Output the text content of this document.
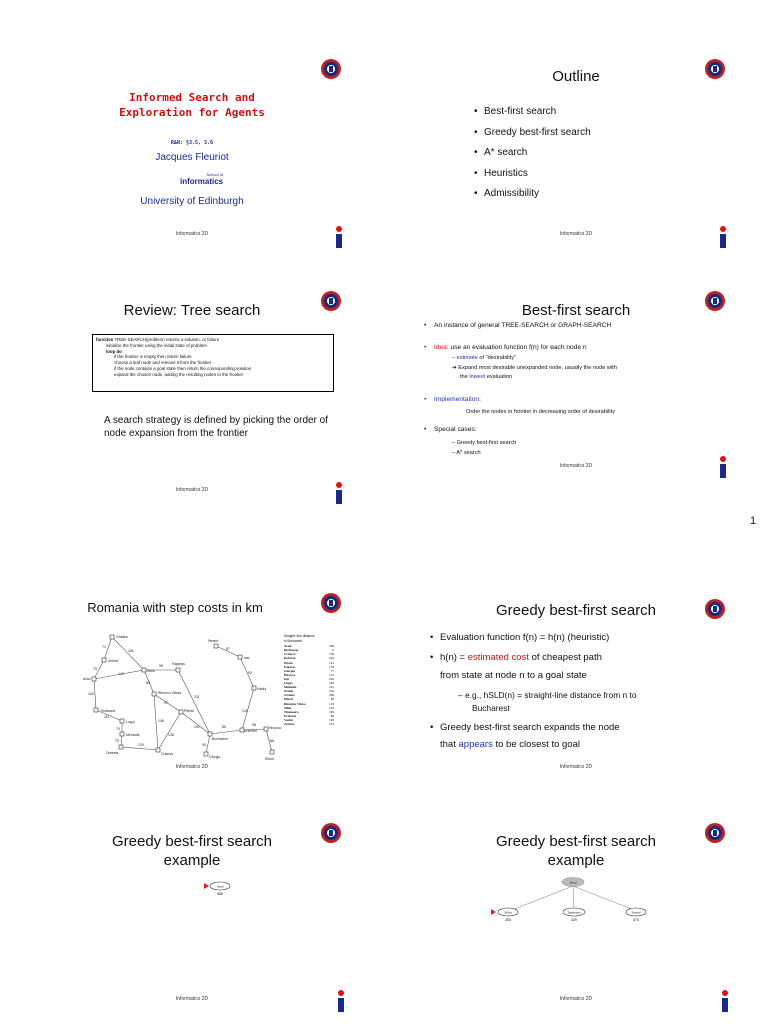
Informed Search and
Exploration for Agents
R&N: §3.5, 3.6
Jacques Fleuriot
School of
informatics
University of Edinburgh
Informatics 2D
Outline
• Best-first search
• Greedy best-first search
• A* search
• Heuristics
• Admissibility
Informatics 2D
Review: Tree search
function TREE-SEARCH(problem) returns a solution, or failure
initialize the frontier using the initial state of problem
loop do
if the frontier is empty then return failure
choose a leaf node and remove it from the frontier
if the node contains a goal state then return the corresponding solution
expand the chosen node, adding the resulting nodes to the frontier
A search strategy is defined by picking the order of node expansion from the frontier
Informatics 2D
Best-first search
• An instance of general TREE-SEARCH or GRAPH-SEARCH
• Idea: use an evaluation function f(n) for each node n
– estimate of "desirability"
➔ Expand most desirable unexpanded node, usually the node with
the lowest evaluation
• Implementation:
Order the nodes in frontier in decreasing order of desirability
• Special cases:
– Greedy best-first search
– A* search
Informatics 2D
1
Romania with step costs in km
Oradea
Zerind
Arad
Timisoara
Lugoj
Mehadia
Dobreta	Craiova
Sibiu
Fagaras
Rimnicu Vilcea
Pitesti
Bucharest
Giurgiu
Urziceni
Hirsova
Eforie
Vaslui
Iasi
Neamt
71
151
75
140
118
111
70
75
120
146
80
99
97
138
101
211
90
85	98
86
142
92
87
Straight−line distance
to Bucharest
Arad	366
Bucharest	0
Craiova	160
Dobreta	242
Eforie	161
Fagaras	178
Giurgiu	77
Hirsova	151
Iasi	226
Lugoj	244
Mehadia	241
Neamt	234
Oradea	380
Pitesti	98
Rimnicu Vilcea	193
Sibiu	253
Timisoara	329
Urziceni	80
Vaslui	199
Zerind	374
Informatics 2D
Greedy best-first search
• Evaluation function f(n) = h(n) (heuristic)
• h(n) = estimated cost of cheapest path
from state at node n to a goal state
– e.g., hSLD(n) = straight-line distance from n to
Bucharest
• Greedy best-first search expands the node
that appears to be closest to goal
Informatics 2D
Greedy best-first search
example
Arad
366
Informatics 2D
Greedy best-first search
example
Arad
Sibiu
253
Timisoara
329
Zerind
374
Informatics 2D
